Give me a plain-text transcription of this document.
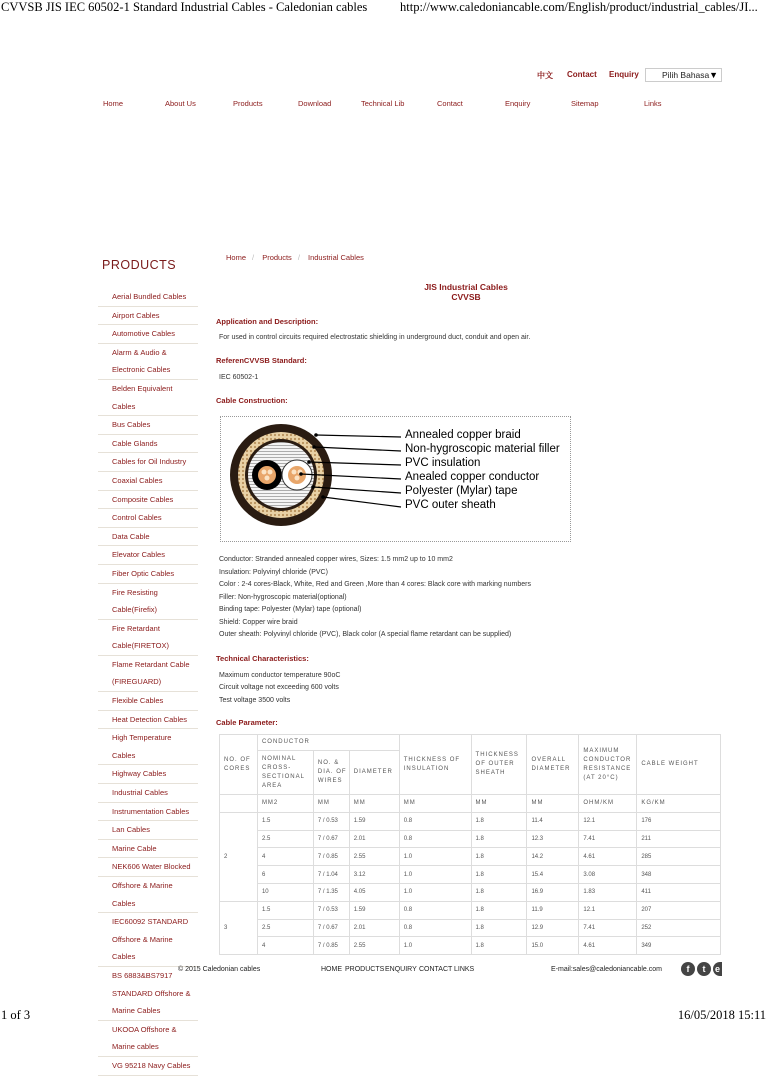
CVVSB JIS IEC 60502-1 Standard Industrial Cables - Caledonian cables	http://www.caledoniancable.com/English/product/industrial_cables/JI...
中文 Contact Enquiry	Pilih Bahasa ▼
Home	About Us	Products	Download	Technical Lib	Contact	Enquiry	Sitemap	Links
PRODUCTS
Aerial Bundled Cables
Airport Cables
Automotive Cables
Alarm & Audio &
Electronic Cables
Belden Equivalent
Cables
Bus Cables
Cable Glands
Cables for Oil Industry
Coaxial Cables
Composite Cables
Control Cables
Data Cable
Elevator Cables
Fiber Optic Cables
Fire Resisting
Cable(Firefix)
Fire Retardant
Cable(FIRETOX)
Flame Retardant Cable
(FIREGUARD)
Flexible Cables
Heat Detection Cables
High Temperature
Cables
Highway Cables
Industrial Cables
Instrumentation Cables
Lan Cables
Marine Cable
NEK606 Water Blocked
Offshore & Marine
Cables
IEC60092 STANDARD
Offshore & Marine
Cables
BS 6883&BS7917
STANDARD Offshore &
Marine Cables
UKOOA Offshore &
Marine cables
VG 95218 Navy Cables
Home / Products / Industrial Cables
JIS Industrial Cables
CVVSB
Application and Description:
For used in control circuits required electrostatic shielding in underground duct, conduit and open air.
ReferenCVVSB Standard:
IEC 60502-1
Cable Construction:
Annealed copper braid
Non-hygroscopic material filler
PVC insulation
Anealed copper conductor
Polyester (Mylar) tape
PVC outer sheath
Conductor: Stranded annealed copper wires, Sizes: 1.5 mm2 up to 10 mm2
Insulation: Polyvinyl chloride (PVC)
Color : 2-4 cores-Black, White, Red and Green ,More than 4 cores: Black core with marking numbers
Filler: Non-hygroscopic material(optional)
Binding tape: Polyester (Mylar) tape (optional)
Shield: Copper wire braid
Outer sheath: Polyvinyl chloride (PVC), Black color (A special flame retardant can be supplied)
Technical Characteristics:
Maximum conductor temperature 90oC
Circuit voltage not exceeding 600 volts
Test voltage 3500 volts
Cable Parameter:
NO. OF CORES	CONDUCTOR			THICKNESS OF INSULATION	THICKNESS OF OUTER SHEATH	OVERALL DIAMETER	MAXIMUM CONDUCTOR RESISTANCE (AT 20°C)	CABLE WEIGHT
	NOMINAL CROSS-SECTIONAL AREA	NO. & DIA. OF WIRES	DIAMETER					
	MM2	MM	MM	MM	MM	MM	OHM/KM	KG/KM
2	1.5	7 / 0.53	1.59	0.8	1.8	11.4	12.1	176
	2.5	7 / 0.67	2.01	0.8	1.8	12.3	7.41	211
	4	7 / 0.85	2.55	1.0	1.8	14.2	4.61	285
	6	7 / 1.04	3.12	1.0	1.8	15.4	3.08	348
	10	7 / 1.35	4.05	1.0	1.8	16.9	1.83	411
3	1.5	7 / 0.53	1.59	0.8	1.8	11.9	12.1	207
	2.5	7 / 0.67	2.01	0.8	1.8	12.9	7.41	252
	4	7 / 0.85	2.55	1.0	1.8	15.0	4.61	349
© 2015 Caledonian cables	HOME PRODUCTS ENQUIRY CONTACT LINKS	E-mail:sales@caledoniancable.com	f	t	e
1 of 3	16/05/2018 15:11
